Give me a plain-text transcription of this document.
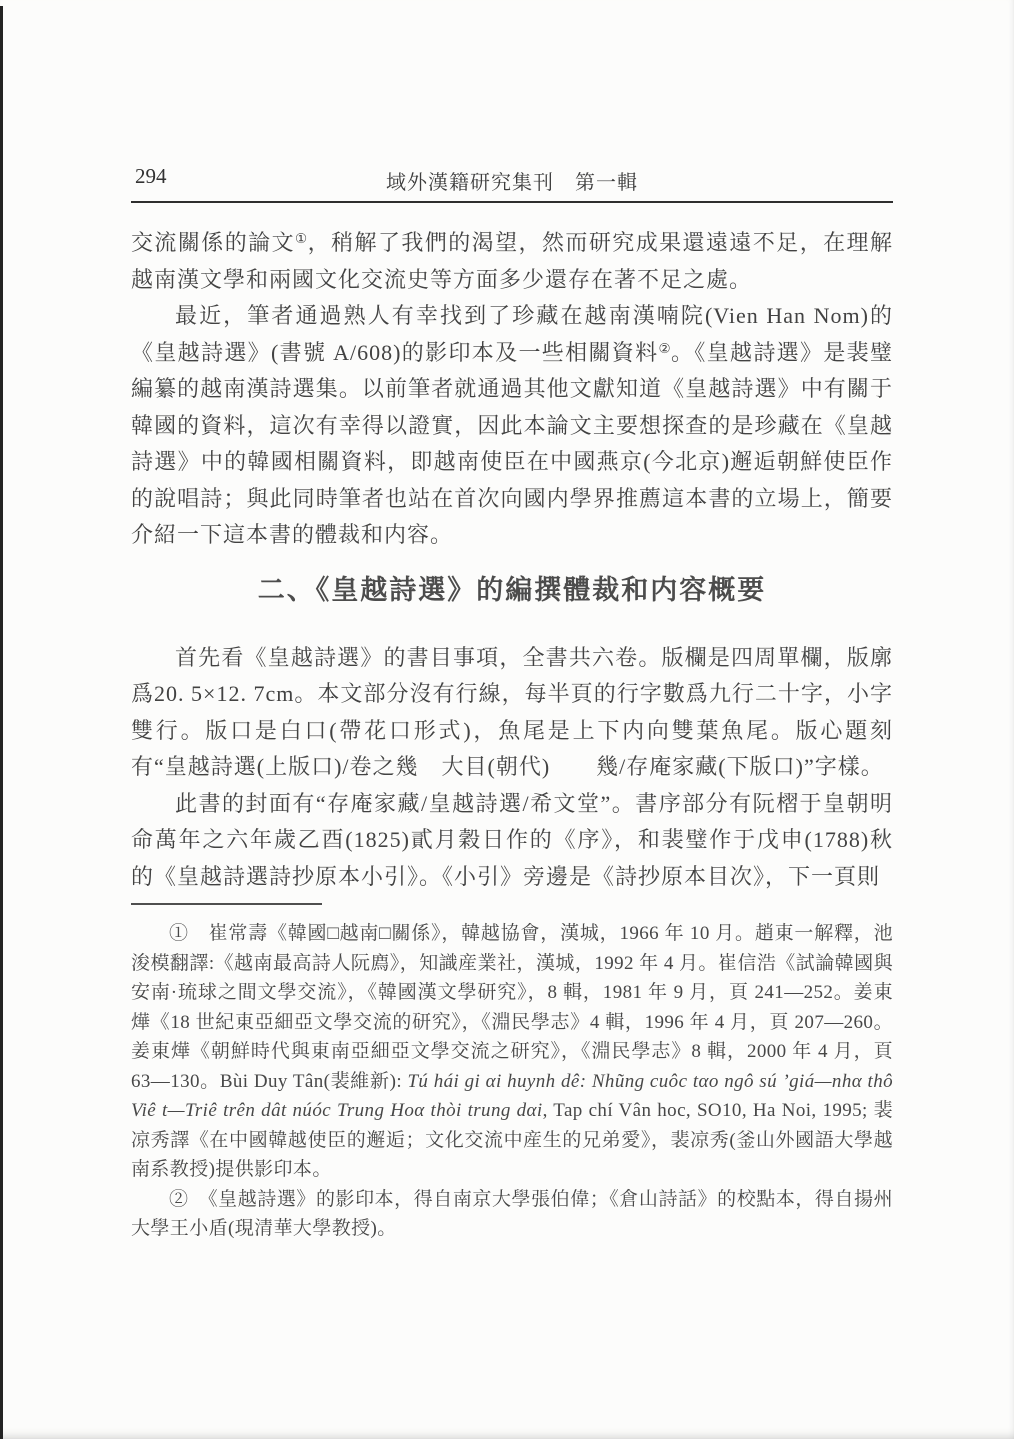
294	域外漢籍研究集刊　第一輯

交流關係的論文①，稍解了我們的渴望，然而研究成果還遠遠不足，在理解越南漢文學和兩國文化交流史等方面多少還存在著不足之處。

最近，筆者通過熟人有幸找到了珍藏在越南漢喃院(Vien Han Nom)的《皇越詩選》(書號 A/608)的影印本及一些相關資料②。《皇越詩選》是裴璧編纂的越南漢詩選集。以前筆者就通過其他文獻知道《皇越詩選》中有關于韓國的資料，這次有幸得以證實，因此本論文主要想探查的是珍藏在《皇越詩選》中的韓國相關資料，即越南使臣在中國燕京(今北京)邂逅朝鮮使臣作的說唱詩；與此同時筆者也站在首次向國内學界推薦這本書的立場上，簡要介紹一下這本書的體裁和内容。

二、《皇越詩選》的編撰體裁和内容概要

首先看《皇越詩選》的書目事項，全書共六卷。版欄是四周單欄，版廓爲20. 5×12. 7cm。本文部分沒有行線，每半頁的行字數爲九行二十字，小字雙行。版口是白口(帶花口形式)，魚尾是上下内向雙葉魚尾。版心題刻有“皇越詩選(上版口)/卷之幾　大目(朝代)　　幾/存庵家藏(下版口)”字樣。

此書的封面有“存庵家藏/皇越詩選/希文堂”。書序部分有阮槢于皇朝明命萬年之六年歲乙酉(1825)貳月穀日作的《序》，和裴璧作于戊申(1788)秋的《皇越詩選詩抄原本小引》。《小引》旁邊是《詩抄原本目次》，下一頁則

①　崔常壽《韓國□越南□關係》，韓越協會，漢城，1966 年 10 月。趙東一解釋，池浚模翻譯:《越南最高詩人阮廌》，知識産業社，漢城，1992 年 4 月。崔信浩《試論韓國與安南·琉球之間文學交流》，《韓國漢文學研究》，8 輯，1981 年 9 月，頁 241—252。姜東燁《18 世紀東亞細亞文學交流的研究》，《淵民學志》4 輯，1996 年 4 月，頁 207—260。姜東燁《朝鮮時代與東南亞細亞文學交流之研究》，《淵民學志》8 輯，2000 年 4 月，頁 63—130。Bùi Duy Tân(裴維新): Tú hái gi αi huynh dê: Nhũng cuôc tαo ngô sú ’giá—nhα thô Viê t—Triê trên dât núóc Trung Hoα thòi trung dαi, Tap chí Vân hoc, SO10, Ha Noi, 1995; 裴凉秀譯《在中國韓越使臣的邂逅；文化交流中産生的兄弟愛》，裴凉秀(釜山外國語大學越南系教授)提供影印本。

②　《皇越詩選》的影印本，得自南京大學張伯偉；《倉山詩話》的校點本，得自揚州大學王小盾(現清華大學教授)。
